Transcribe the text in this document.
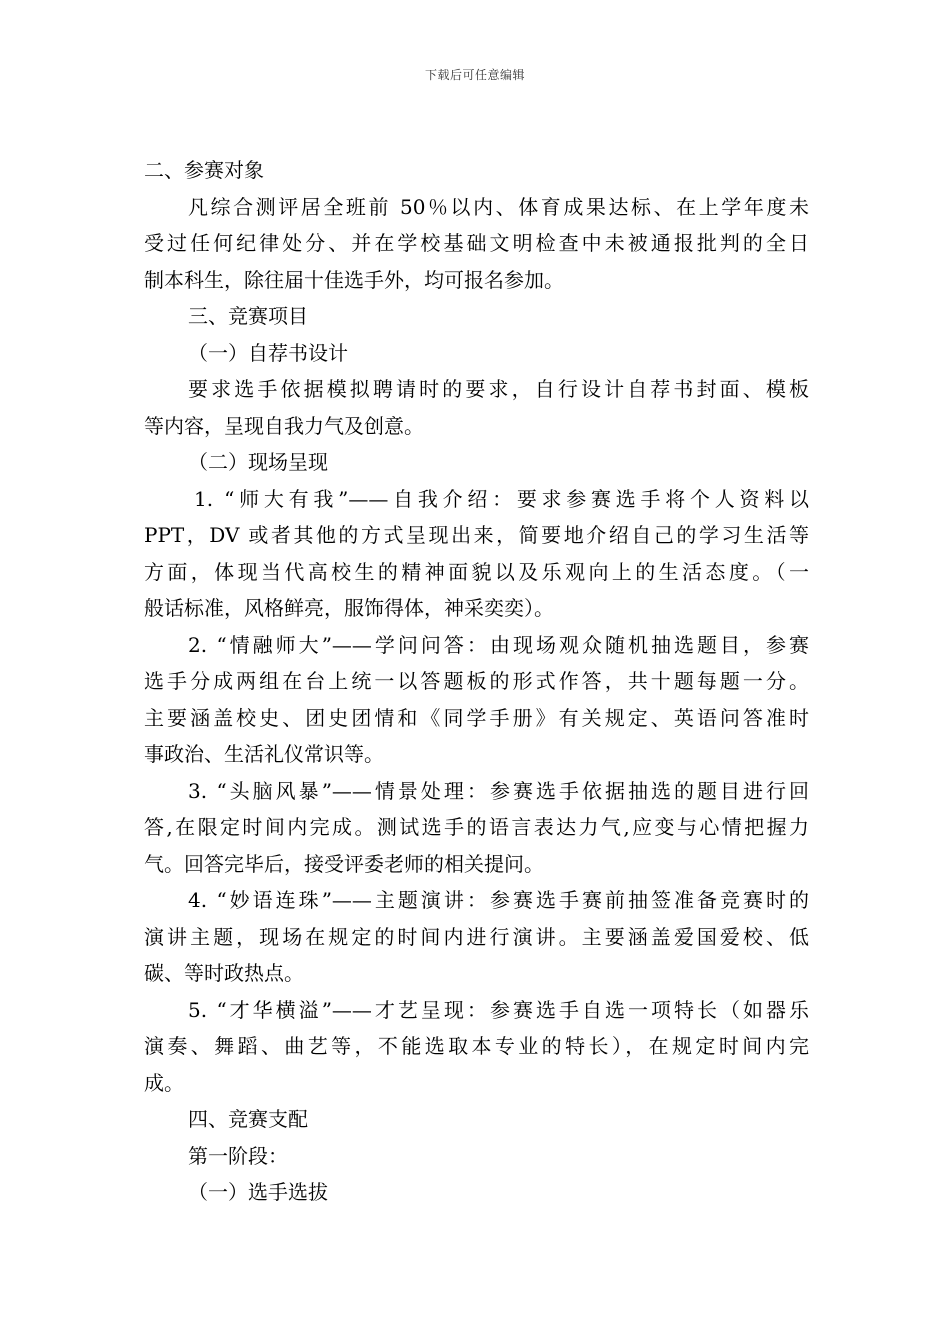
下载后可任意编辑
二、参赛对象
凡综合测评居全班前 50％以内、体育成果达标、在上学年度未
受过任何纪律处分、并在学校基础文明检查中未被通报批判的全日
制本科生，除往届十佳选手外，均可报名参加。
三、竞赛项目
（一）自荐书设计
要求选手依据模拟聘请时的要求，自行设计自荐书封面、模板
等内容，呈现自我力气及创意。
（二）现场呈现
1. “师大有我”——自我介绍：要求参赛选手将个人资料以
PPT，DV 或者其他的方式呈现出来，简要地介绍自己的学习生活等
方面，体现当代高校生的精神面貌以及乐观向上的生活态度。（一
般话标准，风格鲜亮，服饰得体，神采奕奕）。
2. “情融师大”——学问问答：由现场观众随机抽选题目，参赛
选手分成两组在台上统一以答题板的形式作答，共十题每题一分。
主要涵盖校史、团史团情和《同学手册》有关规定、英语问答准时
事政治、生活礼仪常识等。
3. “头脑风暴”——情景处理：参赛选手依据抽选的题目进行回
答,在限定时间内完成。测试选手的语言表达力气,应变与心情把握力
气。回答完毕后，接受评委老师的相关提问。
4. “妙语连珠”——主题演讲：参赛选手赛前抽签准备竞赛时的
演讲主题，现场在规定的时间内进行演讲。主要涵盖爱国爱校、低
碳、等时政热点。
5. “才华横溢”——才艺呈现：参赛选手自选一项特长（如器乐
演奏、舞蹈、曲艺等，不能选取本专业的特长），在规定时间内完
成。
四、竞赛支配
第一阶段：
（一）选手选拔
